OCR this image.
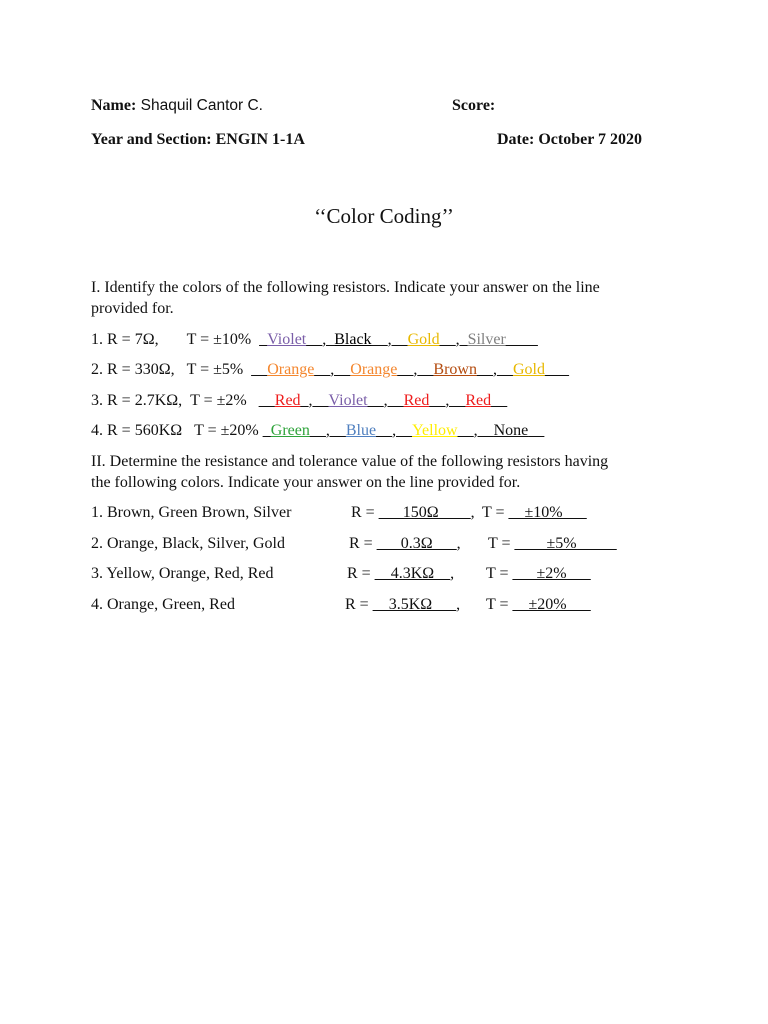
Name: Shaquil Cantor C.	Score:
Year and Section: ENGIN 1-1A	Date: October 7 2020
‘‘Color Coding’’
I. Identify the colors of the following resistors. Indicate your answer on the line
provided for.
1. R = 7Ω,       T = ±10%  _Violet__,_Black__,__Gold__,_Silver____
2. R = 330Ω,   T = ±5%  __Orange__,__Orange__,__Brown__,__Gold___
3. R = 2.7KΩ,  T = ±2%   __Red_,__Violet__,__Red__,__Red__
4. R = 560KΩ   T = ±20% _Green__,__Blue__,__Yellow__,__None__
II. Determine the resistance and tolerance value of the following resistors having
the following colors. Indicate your answer on the line provided for.
1. Brown, Green Brown, Silver	R = ___150Ω____, T = __±10%___
2. Orange, Black, Silver, Gold	R = ___0.3Ω___, T = ____±5%_____
3. Yellow, Orange, Red, Red	R = __4.3KΩ__, T = ___±2%___
4. Orange, Green, Red	R = __3.5KΩ___, T = __±20%___
